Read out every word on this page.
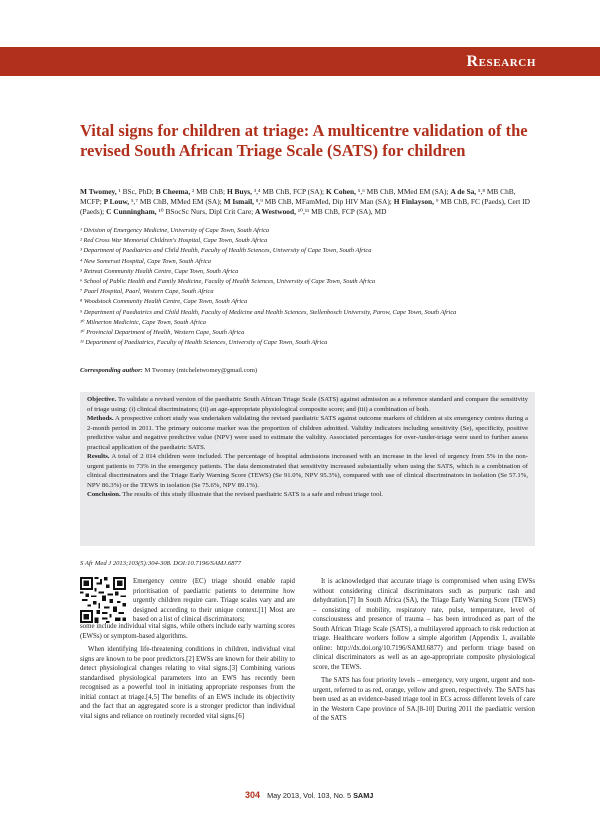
Research
Vital signs for children at triage: A multicentre validation of the revised South African Triage Scale (SATS) for children
M Twomey, ¹ BSc, PhD; B Cheema, ² MB ChB; H Buys, ³,⁴ MB ChB, FCP (SA); K Cohen, ⁵,⁶ MB ChB, MMed EM (SA); A de Sa, ⁵,⁸ MB ChB, MCFP; P Louw, ⁵,⁷ MB ChB, MMed EM (SA); M Ismail, ⁸,⁹ MB ChB, MFamMed, Dip HIV Man (SA); H Finlayson, ⁹ MB ChB, FC (Paeds), Cert ID (Paeds); C Cunningham, ¹⁰ BSocSc Nurs, Dipl Crit Care; A Westwood, ¹⁰,¹¹ MB ChB, FCP (SA), MD
¹ Division of Emergency Medicine, University of Cape Town, South Africa
² Red Cross War Memorial Children's Hospital, Cape Town, South Africa
³ Department of Paediatrics and Child Health, Faculty of Health Sciences, University of Cape Town, South Africa
⁴ New Somerset Hospital, Cape Town, South Africa
⁵ Retreat Community Health Centre, Cape Town, South Africa
⁶ School of Public Health and Family Medicine, Faculty of Health Sciences, University of Cape Town, South Africa
⁷ Paarl Hospital, Paarl, Western Cape, South Africa
⁸ Woodstock Community Health Centre, Cape Town, South Africa
⁹ Department of Paediatrics and Child Health, Faculty of Medicine and Health Sciences, Stellenbosch University, Parow, Cape Town, South Africa
¹⁰ Milnerton Medicinic, Cape Town, South Africa
¹⁰ Provincial Department of Health, Western Cape, South Africa
¹¹ Department of Paediatrics, Faculty of Health Sciences, University of Cape Town, South Africa
Corresponding author: M Twomey (micheletwomey@gmail.com)

Objective. To validate a revised version of the paediatric South African Triage Scale (SATS) against admission as a reference standard and compare the sensitivity of triage using: (i) clinical discriminators; (ii) an age-appropriate physiological composite score; and (iii) a combination of both.

Methods. A prospective cohort study was undertaken validating the revised paediatric SATS against outcome markers of children at six emergency centres during a 2-month period in 2011. The primary outcome marker was the proportion of children admitted. Validity indicators including sensitivity (Se), specificity, positive predictive value and negative predictive value (NPV) were used to estimate the validity. Associated percentages for over-/under-triage were used to further assess practical application of the paediatric SATS.

Results. A total of 2 014 children were included. The percentage of hospital admissions increased with an increase in the level of urgency from 5% in the non-urgent patients to 73% in the emergency patients. The data demonstrated that sensitivity increased substantially when using the SATS, which is a combination of clinical discriminators and the Triage Early Warning Score (TEWS) (Se 91.0%, NPV 95.3%), compared with use of clinical discriminators in isolation (Se 57.1%, NPV 86.3%) or the TEWS in isolation (Se 75.6%, NPV 89.1%).

Conclusion. The results of this study illustrate that the revised paediatric SATS is a safe and robust triage tool.

S Afr Med J 2013;103(5):304-308. DOI:10.7196/SAMJ.6877

Emergency centre (EC) triage should enable rapid prioritisation of paediatric patients to determine how urgently children require care. Triage scales vary and are designed according to their unique context.[1] Most are based on a list of clinical discriminators;

some include individual vital signs, while others include early warning scores (EWSs) or symptom-based algorithms.

When identifying life-threatening conditions in children, individual vital signs are known to be poor predictors.[2] EWSs are known for their ability to detect physiological changes relating to vital signs.[3] Combining various standardised physiological parameters into an EWS has recently been recognised as a powerful tool in initiating appropriate responses from the initial contact at triage.[4,5] The benefits of an EWS include its objectivity and the fact that an aggregated score is a stronger predictor than individual vital signs and reliance on routinely recorded vital signs.[6]

It is acknowledged that accurate triage is compromised when using EWSs without considering clinical discriminators such as purpuric rash and dehydration.[7] In South Africa (SA), the Triage Early Warning Score (TEWS) – consisting of mobility, respiratory rate, pulse, temperature, level of consciousness and presence of trauma – has been introduced as part of the South African Triage Scale (SATS), a multilayered approach to risk reduction at triage. Healthcare workers follow a simple algorithm (Appendix 1, available online: http://dx.doi.org/10.7196/SAMJ.6877) and perform triage based on clinical discriminators as well as an age-appropriate composite physiological score, the TEWS.

The SATS has four priority levels – emergency, very urgent, urgent and non-urgent, referred to as red, orange, yellow and green, respectively. The SATS has been used as an evidence-based triage tool in ECs across different levels of care in the Western Cape province of SA.[8-10] During 2011 the paediatric version of the SATS

304 May 2013, Vol. 103, No. 5 SAMJ
